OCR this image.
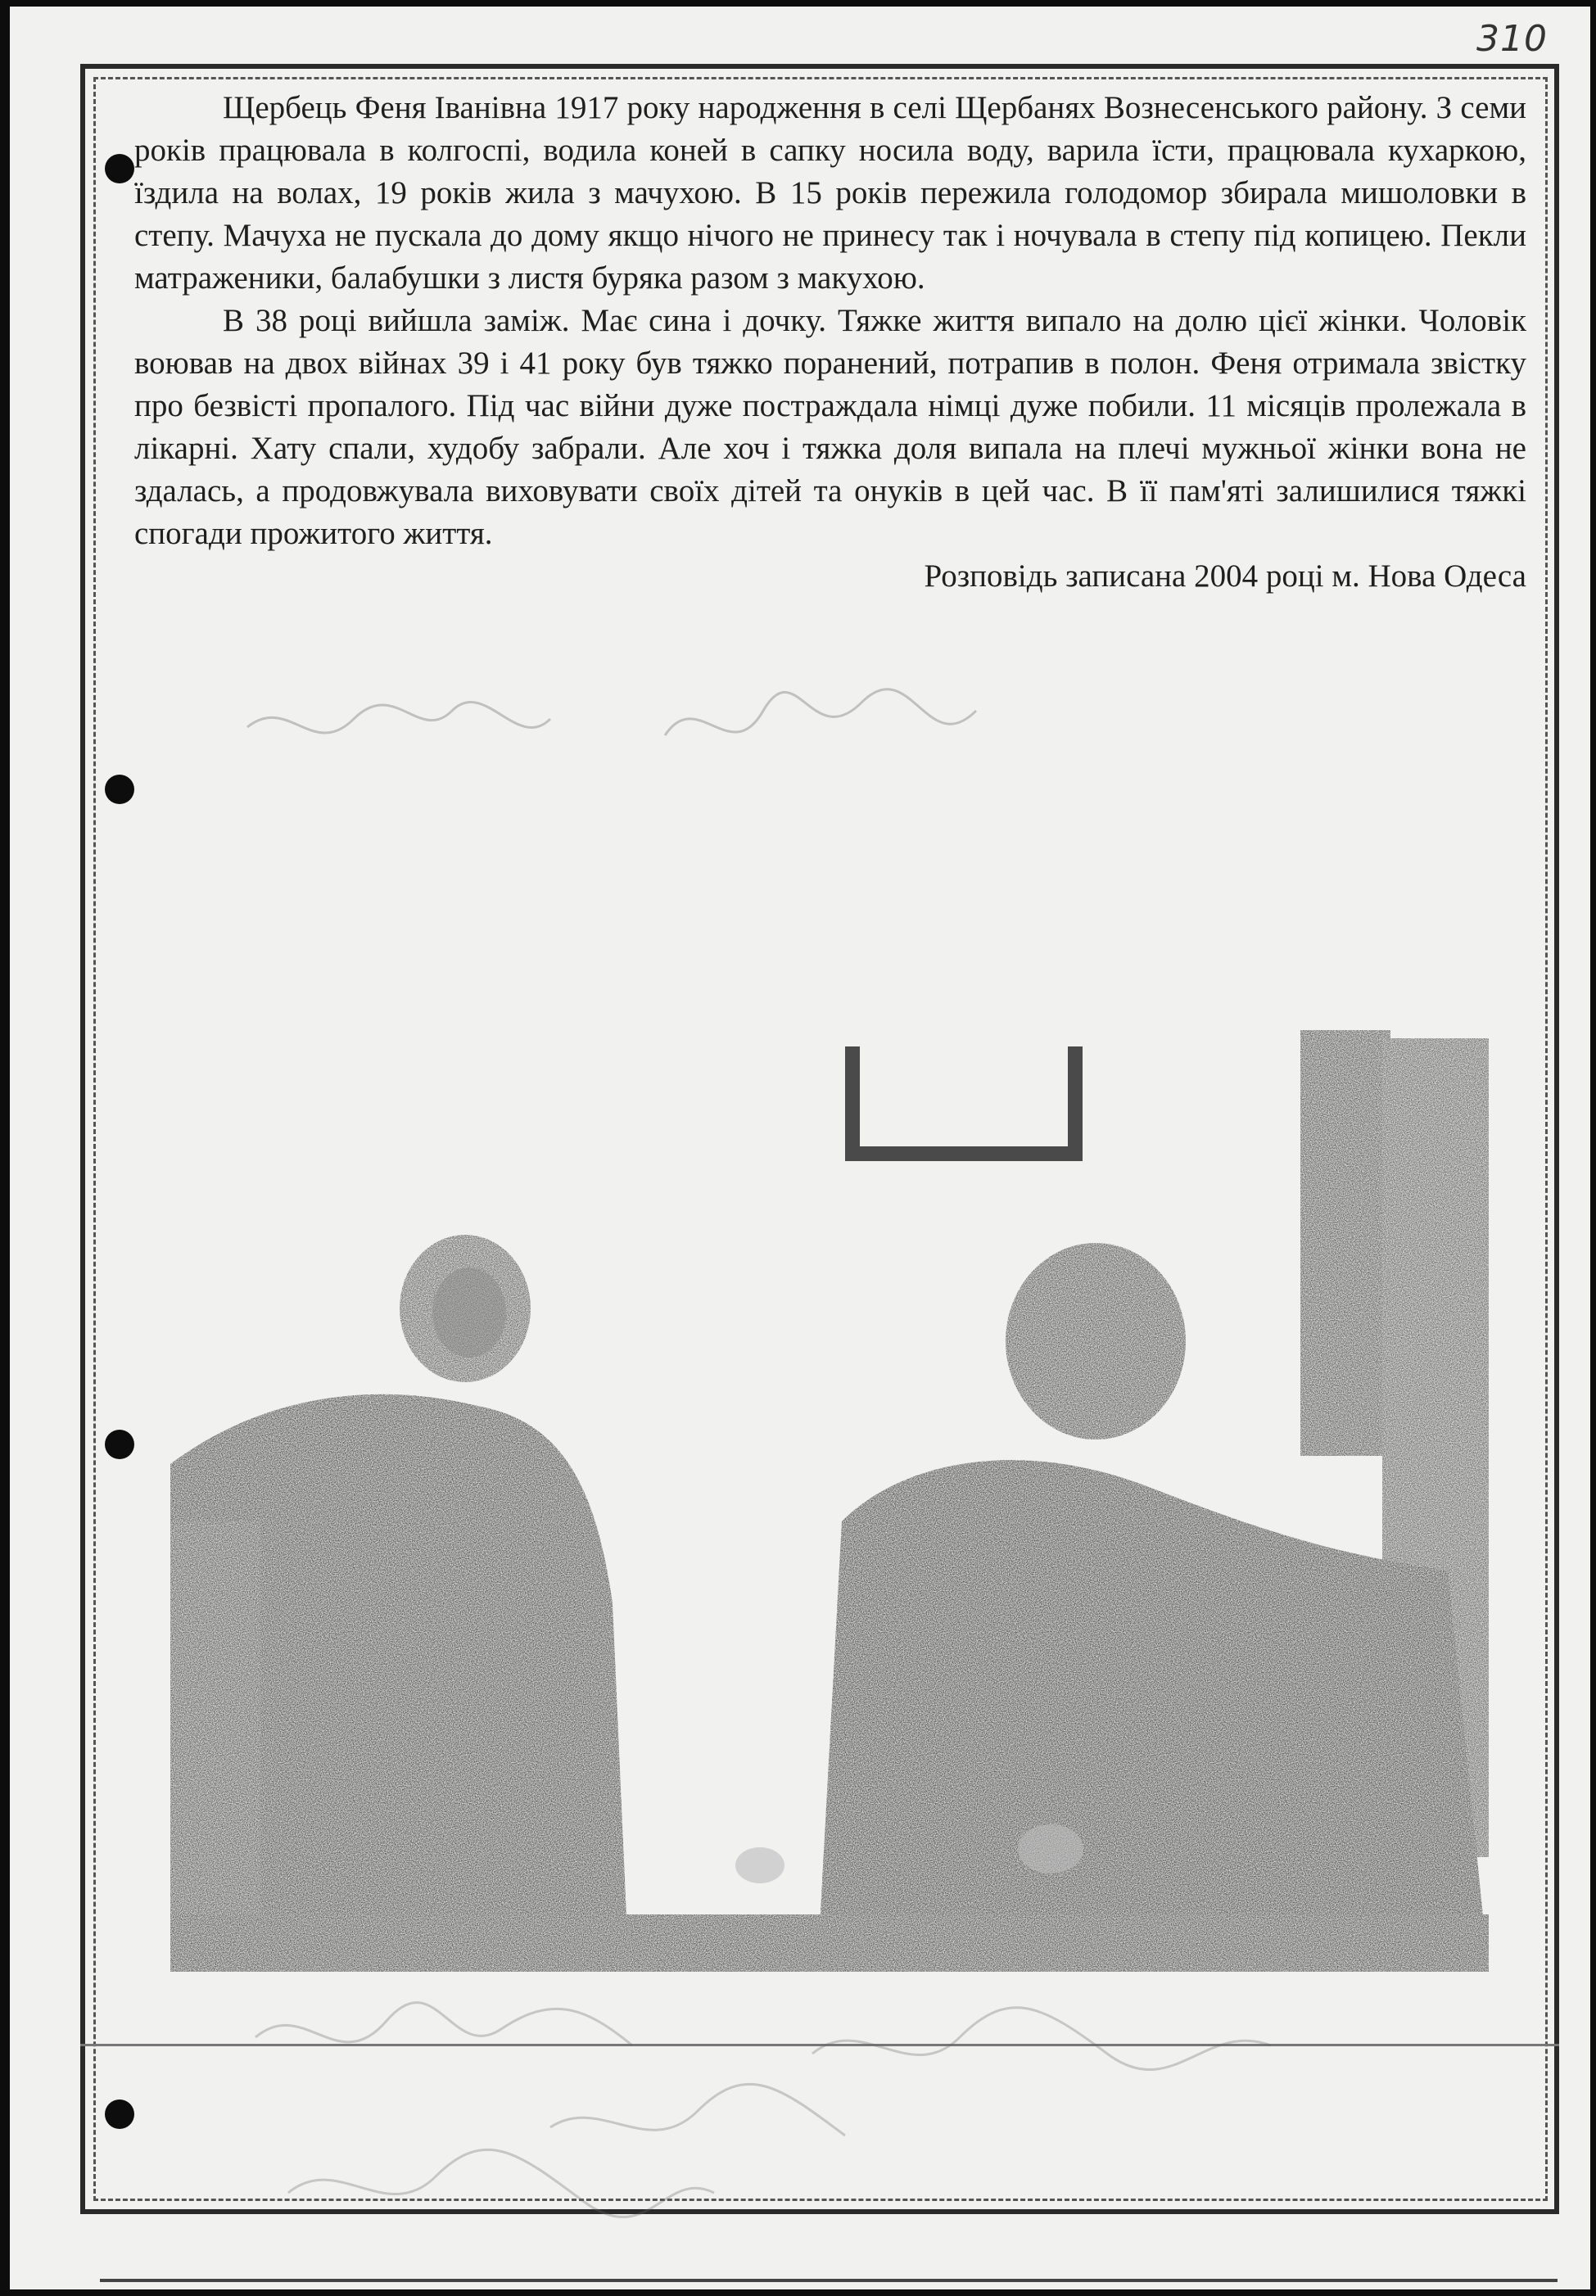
310

Щербець Феня Іванівна 1917 року народження в селі Щербанях Вознесенського району. З семи років працювала в колгоспі, водила коней в сапку носила воду, варила їсти, працювала кухаркою, їздила на волах, 19 років жила з мачухою. В 15 років пережила голодомор збирала мишоловки в степу. Мачуха не пускала до дому якщо нічого не принесу так і ночувала в степу під копицею. Пекли матраженики, балабушки з листя буряка разом з макухою.

В 38 році вийшла заміж. Має сина і дочку. Тяжке життя випало на долю цієї жінки. Чоловік воював на двох війнах 39 і 41 року був тяжко поранений, потрапив в полон. Феня отримала звістку про безвісті пропалого. Під час війни дуже постраждала німці дуже побили. 11 місяців пролежала в лікарні. Хату спали, худобу забрали. Але хоч і тяжка доля випала на плечі мужньої жінки вона не здалась, а продовжувала виховувати своїх дітей та онуків в цей час. В її пам'яті залишилися тяжкі спогади прожитого життя.

Розповідь записана 2004 році м. Нова Одеса
